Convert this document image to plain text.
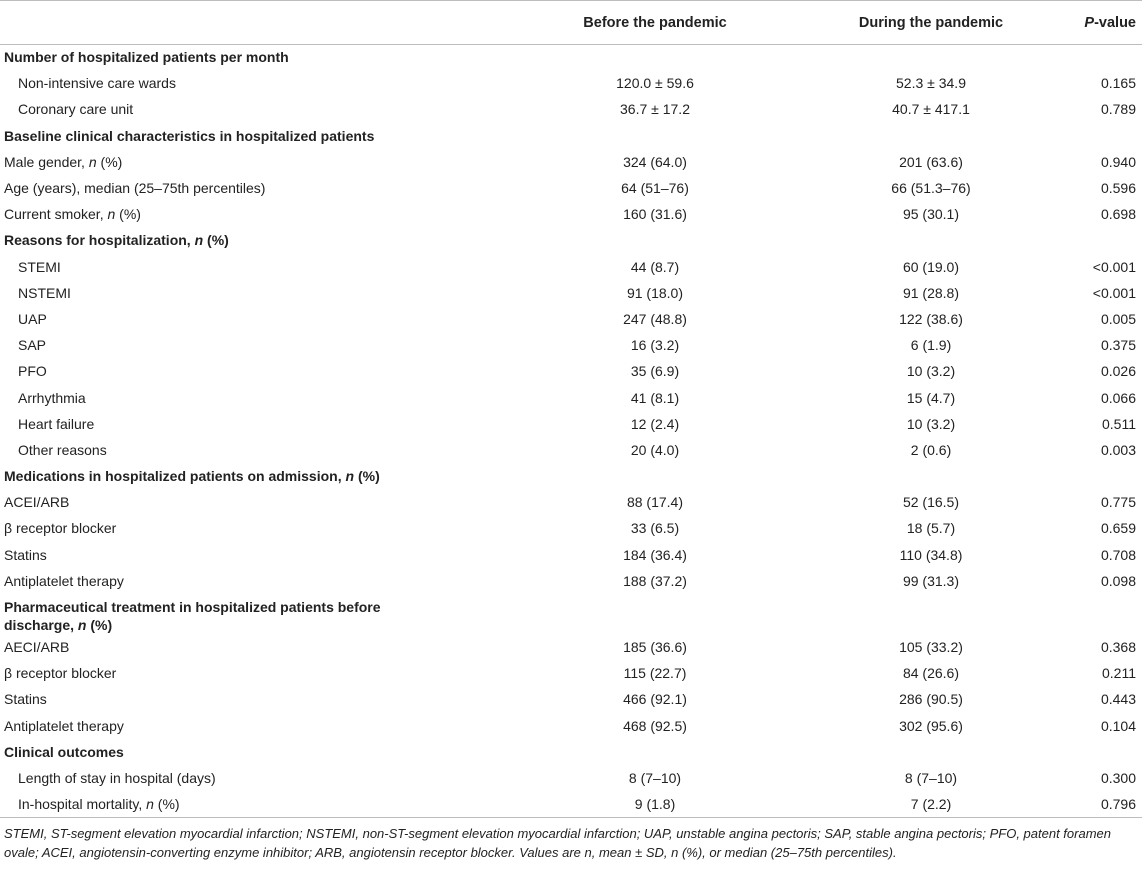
	Before the pandemic	During the pandemic	P-value
Number of hospitalized patients per month			
Non-intensive care wards	120.0 ± 59.6	52.3 ± 34.9	0.165
Coronary care unit	36.7 ± 17.2	40.7 ± 417.1	0.789
Baseline clinical characteristics in hospitalized patients			
Male gender, n (%)	324 (64.0)	201 (63.6)	0.940
Age (years), median (25–75th percentiles)	64 (51–76)	66 (51.3–76)	0.596
Current smoker, n (%)	160 (31.6)	95 (30.1)	0.698
Reasons for hospitalization, n (%)			
STEMI	44 (8.7)	60 (19.0)	<0.001
NSTEMI	91 (18.0)	91 (28.8)	<0.001
UAP	247 (48.8)	122 (38.6)	0.005
SAP	16 (3.2)	6 (1.9)	0.375
PFO	35 (6.9)	10 (3.2)	0.026
Arrhythmia	41 (8.1)	15 (4.7)	0.066
Heart failure	12 (2.4)	10 (3.2)	0.511
Other reasons	20 (4.0)	2 (0.6)	0.003
Medications in hospitalized patients on admission, n (%)			
ACEI/ARB	88 (17.4)	52 (16.5)	0.775
β receptor blocker	33 (6.5)	18 (5.7)	0.659
Statins	184 (36.4)	110 (34.8)	0.708
Antiplatelet therapy	188 (37.2)	99 (31.3)	0.098
Pharmaceutical treatment in hospitalized patients before
discharge, n (%)			
AECI/ARB	185 (36.6)	105 (33.2)	0.368
β receptor blocker	115 (22.7)	84 (26.6)	0.211
Statins	466 (92.1)	286 (90.5)	0.443
Antiplatelet therapy	468 (92.5)	302 (95.6)	0.104
Clinical outcomes			
Length of stay in hospital (days)	8 (7–10)	8 (7–10)	0.300
In-hospital mortality, n (%)	9 (1.8)	7 (2.2)	0.796
STEMI, ST-segment elevation myocardial infarction; NSTEMI, non-ST-segment elevation myocardial infarction; UAP, unstable angina pectoris; SAP, stable angina pectoris; PFO, patent foramen ovale; ACEI, angiotensin-converting enzyme inhibitor; ARB, angiotensin receptor blocker. Values are n, mean ± SD, n (%), or median (25–75th percentiles).
